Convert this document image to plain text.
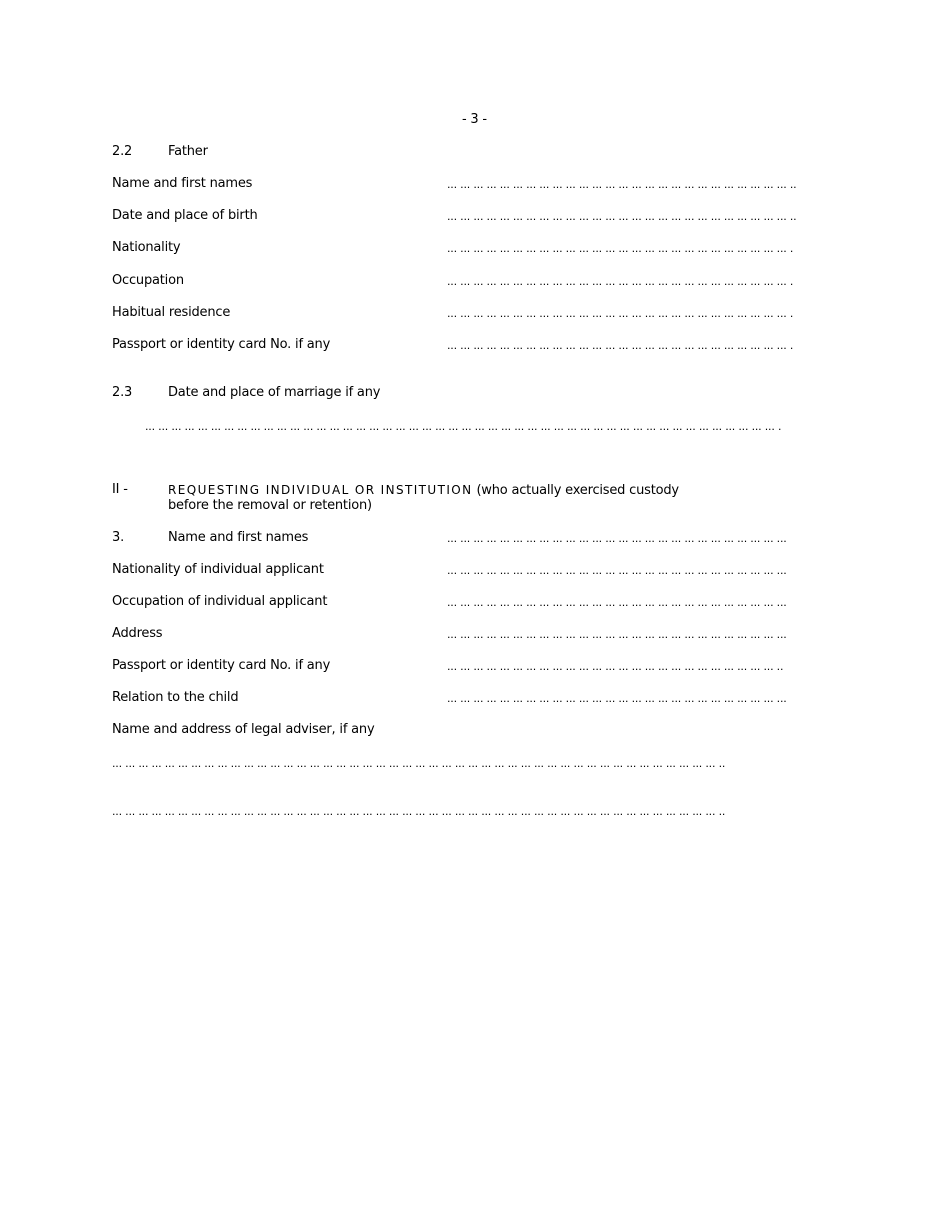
- 3 -
2.2	Father
Name and first names	... ... ... ... ... ... ... ... ... ... ... ... ... ... ... ... ... ... ... ... ... ... ... ... ... ... ..
Date and place of birth	... ... ... ... ... ... ... ... ... ... ... ... ... ... ... ... ... ... ... ... ... ... ... ... ... ... ..
Nationality	... ... ... ... ... ... ... ... ... ... ... ... ... ... ... ... ... ... ... ... ... ... ... ... ... ... .
Occupation	... ... ... ... ... ... ... ... ... ... ... ... ... ... ... ... ... ... ... ... ... ... ... ... ... ... .
Habitual residence	... ... ... ... ... ... ... ... ... ... ... ... ... ... ... ... ... ... ... ... ... ... ... ... ... ... .
Passport or identity card No. if any	... ... ... ... ... ... ... ... ... ... ... ... ... ... ... ... ... ... ... ... ... ... ... ... ... ... .
2.3	Date and place of marriage if any
... ... ... ... ... ... ... ... ... ... ... ... ... ... ... ... ... ... ... ... ... ... ... ... ... ... ... ... ... ... ... ... ... ... ... ... ... ... ... ... ... ... ... ... ... ... ... ... .
II -	REQUESTING INDIVIDUAL OR INSTITUTION (who actually exercised custody
before the removal or retention)
3.	Name and first names	... ... ... ... ... ... ... ... ... ... ... ... ... ... ... ... ... ... ... ... ... ... ... ... ... ...
Nationality of individual applicant	... ... ... ... ... ... ... ... ... ... ... ... ... ... ... ... ... ... ... ... ... ... ... ... ... ...
Occupation of individual applicant	... ... ... ... ... ... ... ... ... ... ... ... ... ... ... ... ... ... ... ... ... ... ... ... ... ...
Address	... ... ... ... ... ... ... ... ... ... ... ... ... ... ... ... ... ... ... ... ... ... ... ... ... ...
Passport or identity card No. if any	... ... ... ... ... ... ... ... ... ... ... ... ... ... ... ... ... ... ... ... ... ... ... ... ... ..
Relation to the child	... ... ... ... ... ... ... ... ... ... ... ... ... ... ... ... ... ... ... ... ... ... ... ... ... ...
Name and address of legal adviser, if any
... ... ... ... ... ... ... ... ... ... ... ... ... ... ... ... ... ... ... ... ... ... ... ... ... ... ... ... ... ... ... ... ... ... ... ... ... ... ... ... ... ... ... ... ... ... ..
... ... ... ... ... ... ... ... ... ... ... ... ... ... ... ... ... ... ... ... ... ... ... ... ... ... ... ... ... ... ... ... ... ... ... ... ... ... ... ... ... ... ... ... ... ... ..
